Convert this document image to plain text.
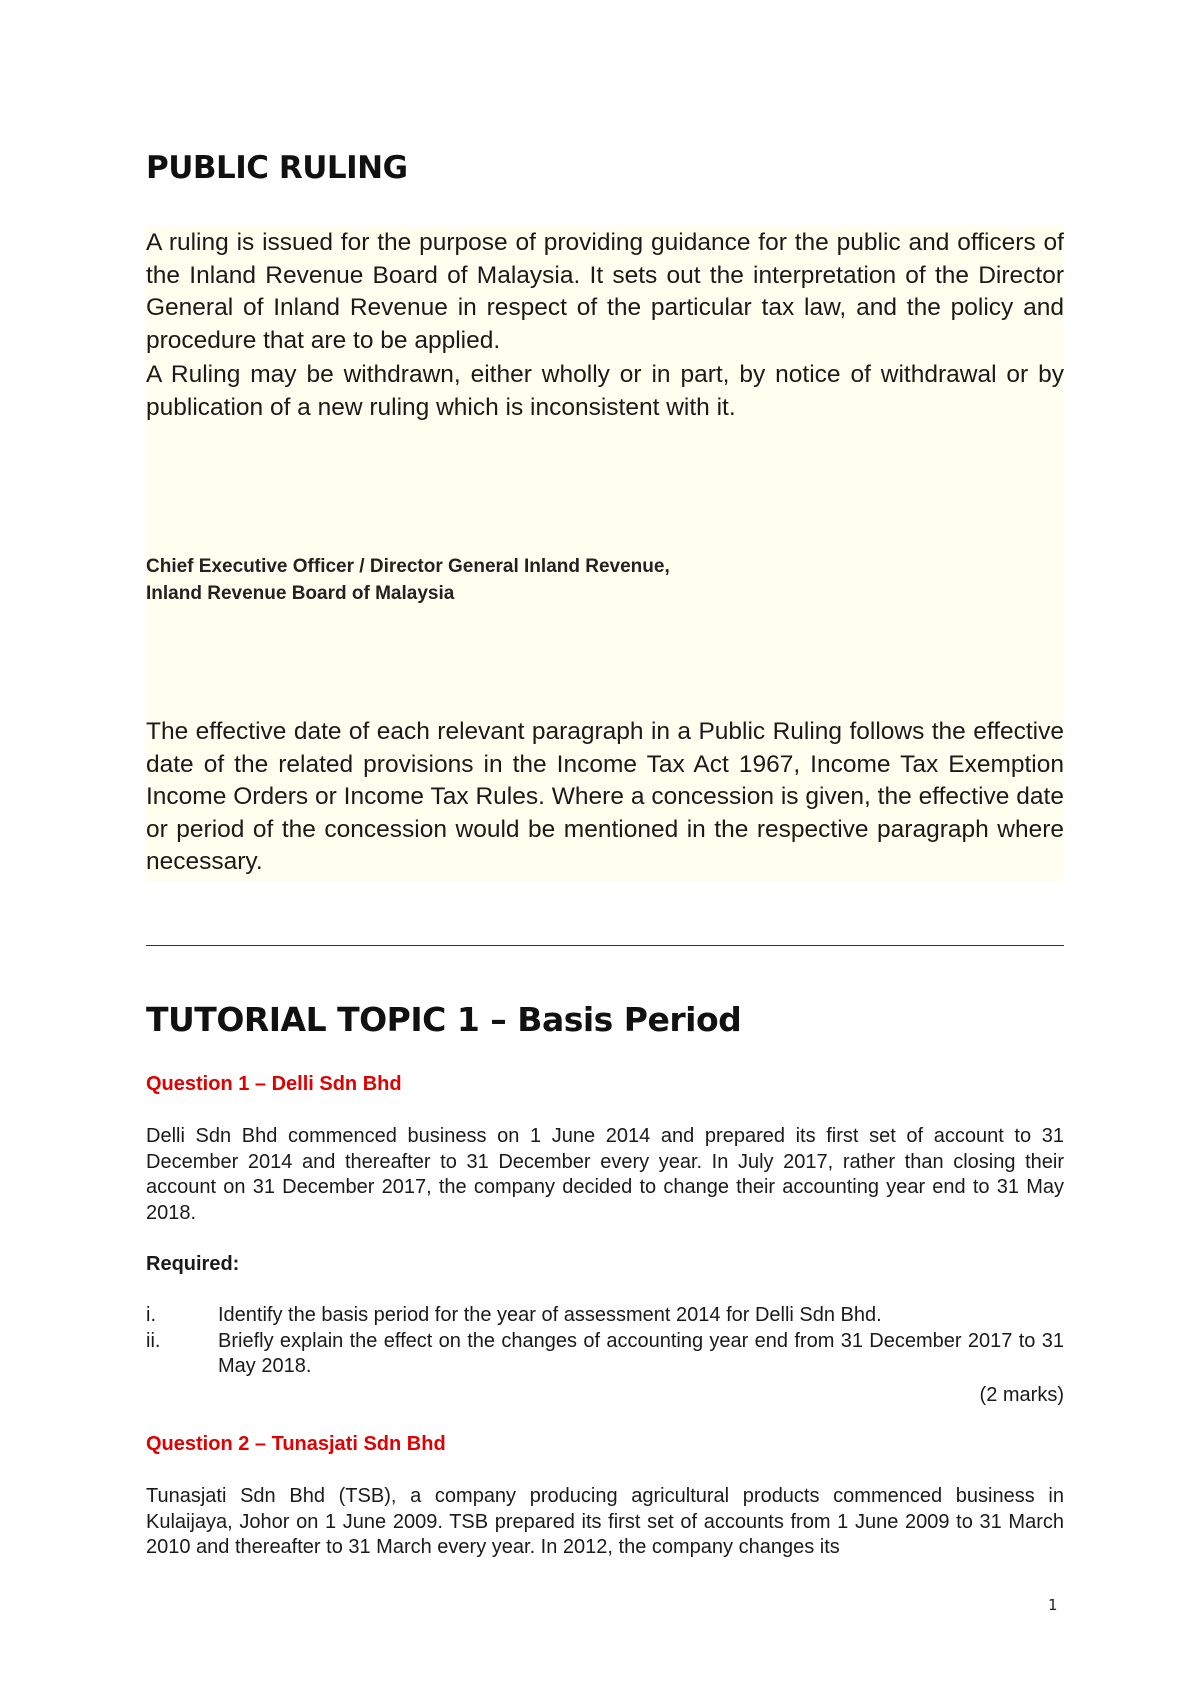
PUBLIC RULING

A ruling is issued for the purpose of providing guidance for the public and officers of the Inland Revenue Board of Malaysia. It sets out the interpretation of the Director General of Inland Revenue in respect of the particular tax law, and the policy and procedure that are to be applied.

A Ruling may be withdrawn, either wholly or in part, by notice of withdrawal or by publication of a new ruling which is inconsistent with it.

Chief Executive Officer / Director General Inland Revenue,

Inland Revenue Board of Malaysia

The effective date of each relevant paragraph in a Public Ruling follows the effective date of the related provisions in the Income Tax Act 1967, Income Tax Exemption Income Orders or Income Tax Rules. Where a concession is given, the effective date or period of the concession would be mentioned in the respective paragraph where necessary.

TUTORIAL TOPIC 1 – Basis Period

Question 1 – Delli Sdn Bhd

Delli Sdn Bhd commenced business on 1 June 2014 and prepared its first set of account to 31 December 2014 and thereafter to 31 December every year. In July 2017, rather than closing their account on 31 December 2017, the company decided to change their accounting year end to 31 May 2018.

Required:

i.	Identify the basis period for the year of assessment 2014 for Delli Sdn Bhd.
ii.	Briefly explain the effect on the changes of accounting year end from 31 December 2017 to 31 May 2018.

(2 marks)

Question 2 – Tunasjati Sdn Bhd

Tunasjati Sdn Bhd (TSB), a company producing agricultural products commenced business in Kulaijaya, Johor on 1 June 2009. TSB prepared its first set of accounts from 1 June 2009 to 31 March 2010 and thereafter to 31 March every year. In 2012, the company changes its

1
